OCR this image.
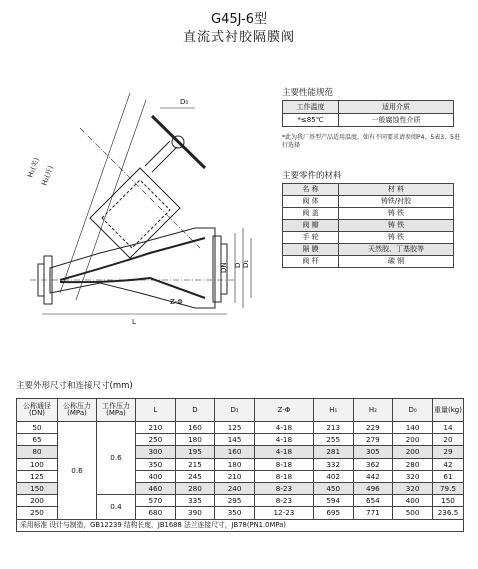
G45J-6型
直流式衬胶隔膜阀
H₁(关) H₂(开)
D₀
DN D D₁
L
Z-Φ
主要性能规范
工作温度	适用介质
*≤85℃	一般腐蚀性介质
*此为我厂基型产品适用温度，如有不同要求请参阅P4、5表3、5进行选择
主要零件的材料
名 称	材 料
阀 体	铸铁/衬胶
阀 盖	铸 铁
阀 瓣	铸 铁
手 轮	铸 铁
隔 膜	天然胶、丁基胶等
阀 杆	碳 钢
主要外形尺寸和连接尺寸(mm)
公称通径(DN)	公称压力(MPa)	工作压力(MPa)	L	D	D₁	Z-Φ	H₁	H₂	D₀	重量(kg)
50	0.6	0.6	210	160	125	4-18	213	229	140	14
65			250	180	145	4-18	255	279	200	20
80			300	195	160	4-18	281	305	200	29
100			350	215	180	8-18	332	362	280	42
125			400	245	210	8-18	402	442	320	61
150			460	280	240	8-23	450	496	320	79.5
200		0.4	570	335	295	8-23	594	654	400	150
250			680	390	350	12-23	695	771	500	236.5
采用标准 设计与制造，GB12239 结构长度，JB1688 法兰连接尺寸，JB78(PN1.0MPa)										
